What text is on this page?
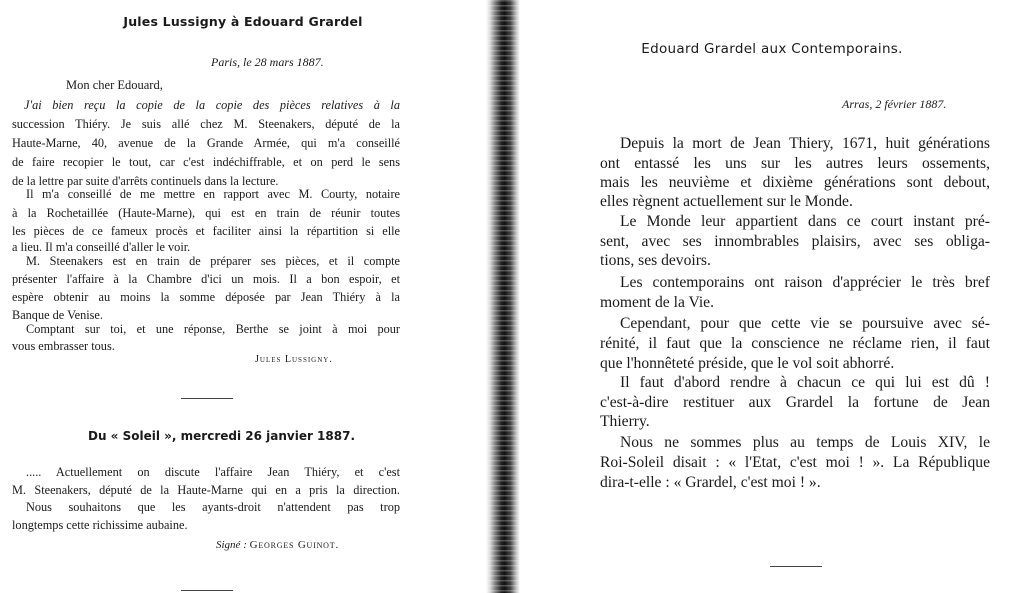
Jules Lussigny à Edouard Grardel
Paris, le 28 mars 1887.
Mon cher Edouard,
J'ai bien reçu la copie de la copie des pièces relatives à la
succession Thiéry. Je suis allé chez M. Steenakers, député de la
Haute-Marne, 40, avenue de la Grande Armée, qui m'a conseillé
de faire recopier le tout, car c'est indéchiffrable, et on perd le sens
de la lettre par suite d'arrêts continuels dans la lecture.
Il m'a conseillé de me mettre en rapport avec M. Courty, notaire
à la Rochetaillée (Haute-Marne), qui est en train de réunir toutes
les pièces de ce fameux procès et faciliter ainsi la répartition si elle
a lieu. Il m'a conseillé d'aller le voir.
M. Steenakers est en train de préparer ses pièces, et il compte
présenter l'affaire à la Chambre d'ici un mois. Il a bon espoir, et
espère obtenir au moins la somme déposée par Jean Thiéry à la
Banque de Venise.
Comptant sur toi, et une réponse, Berthe se joint à moi pour
vous embrasser tous.
Jules Lussigny.
Du « Soleil », mercredi 26 janvier 1887.
..... Actuellement on discute l'affaire Jean Thiéry, et c'est
M. Steenakers, député de la Haute-Marne qui en a pris la direction.
Nous souhaitons que les ayants-droit n'attendent pas trop
longtemps cette richissime aubaine.
Signé : Georges Guinot.
Edouard Grardel aux Contemporains.
Arras, 2 février 1887.
Depuis la mort de Jean Thiery, 1671, huit générations
ont entassé les uns sur les autres leurs ossements,
mais les neuvième et dixième générations sont debout,
elles règnent actuellement sur le Monde.
Le Monde leur appartient dans ce court instant pré-
sent, avec ses innombrables plaisirs, avec ses obliga-
tions, ses devoirs.
Les contemporains ont raison d'apprécier le très bref
moment de la Vie.
Cependant, pour que cette vie se poursuive avec sé-
rénité, il faut que la conscience ne réclame rien, il faut
que l'honnêteté préside, que le vol soit abhorré.
Il faut d'abord rendre à chacun ce qui lui est dû !
c'est-à-dire restituer aux Grardel la fortune de Jean
Thierry.
Nous ne sommes plus au temps de Louis XIV, le
Roi-Soleil disait : « l'Etat, c'est moi ! ». La République
dira-t-elle : « Grardel, c'est moi ! ».
